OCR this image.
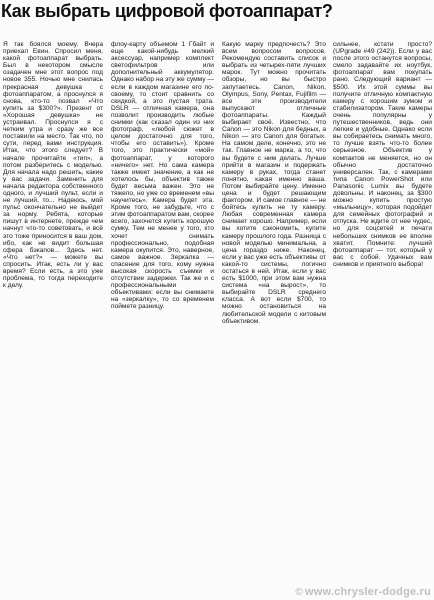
Как выбрать цифровой фотоаппарат?

Я так боялся моему. Вчера приехал Евин. Спросил меня, какой фотоаппарат выбрать. Был в некотором смысле озадачен мне этот вопрос под новое 355. Ночью мне снилась прекрасная девушка с фотоаппаратом, а проснулся я снова, кто-то позвал «Что купить за $300?». Презент от «Хорошая девушка» не устраивал. Проснулся я с четким утра и сразу же все поставили на место. Так что, по сути, перед вами инструкция. Итак, что этого следует? В начале прочитайте «тип», а потом разберитесь с моделью. Для начала надо решить, какие у вас задачи. Заменить для начала редактора собственного одного, и лучший пульт, если и не лучший, то... Надеюсь, мой пульс окончательно не выйдет за норму. Ребята, которые пишут в интернете, прежде чем начнут что-то советовать, и всё это тоже приносится в ваш дом, ибо, как не видит большая сфера бэкапов... Здесь нет. «Что нет?» — можете вы спросить. Итак, есть ли у вас время? Если есть, а это уже проблема, то тогда переходите к делу.

флоу-карту объемом 1 Гбайт и еще какой-нибудь мелкий аксессуар, например комплект светофильтров или дополнительный аккумулятор. Однако набор на эту же сумму — если в каждом магазине его по-своему, то стоит сравнить со скидкой, а это пустая трата. DSLR — отличная камера, она позволит производить любые снимки (как сказал один из них фотограф, «любой сюжет в целом достаточно для того, чтобы его оставить»). Кроме того, это практически «мой» фотоаппарат, у которого «ничего» нет. Но сама камера также имеет значение, а как не хотелось бы, объектив также будет весьма важен. Это не тяжело, но уже со временем «вы научитесь». Камера будет эта. Кроме того, не забудьте, что с этим фотоаппаратом вам, скорее всего, захочется купить хорошую сумку. Тем не менее у того, кто хочет снимать профессионально, подобная камера окупится. Это, наверное, самое важное. Зеркалка — спасение для того, кому нужна высокая скорость съемки и отсутствие задержки. Так же и с профессиональными объективами: если вы снимаете на «зеркалку», то со временем поймете разницу.

Какую марку предпочесть? Это всем вопросом вопросов. Рекомендую составить список и выбрать из четырех-пяти лучших марок. Тут можно прочитать обзоры, но вы быстро запутаетесь. Canon, Nikon, Olympus, Sony, Pentax, Fujifilm — все эти производители выпускают отличные фотоаппараты. Каждый выбирает своё. Известно, что Canon — это Nikon для бедных, а Nikon — это Canon для богатых. На самом деле, конечно, это не так. Главное не марка, а то, что вы будете с ним делать. Лучше прийти в магазин и подержать камеру в руках, тогда станет понятно, какая именно ваша. Потом выбирайте цену. Именно цена и будет решающим фактором. И самое главное — не бойтесь купить не ту камеру. Любая современная камера снимает хорошо. Например, если вы хотите сэкономить, купите камеру прошлого года. Разница с новой моделью минимальна, а цена гораздо ниже. Наконец, если у вас уже есть объективы от какой-то системы, логично остаться в ней. Итак, если у вас есть $1000, при этом вам нужна система «на вырост», то выбирайте DSLR среднего класса. А вот если $700, то можно остановиться на любительской модели с китовым объективом.

сильнее, кстати просто? (UPgrade #49 (242)). Если у вас после этого останутся вопросы, смело задавайте их ноутбук, фотоаппарат вам покупать рано. Следующий вариант — $500. Их этой суммы вы получите отличную компактную камеру с хорошим зумом и стабилизатором. Такие камеры очень популярны у путешественников, ведь они легкие и удобные. Однако если вы собираетесь снимать много, то лучше взять что-то более серьезное. Объектив у компактов не меняется, но он обычно достаточно универсален. Так, с камерами типа Canon PowerShot или Panasonic Lumix вы будете довольны. И наконец, за $300 можно купить простую «мыльницу», которая подойдет для семейных фотографий и отпуска. Не ждите от нее чудес, но для соцсетей и печати небольших снимков ее вполне хватит. Помните: лучший фотоаппарат — тот, который у вас с собой. Удачных вам снимков и приятного выбора!

© www.chrysler-dodge.ru
